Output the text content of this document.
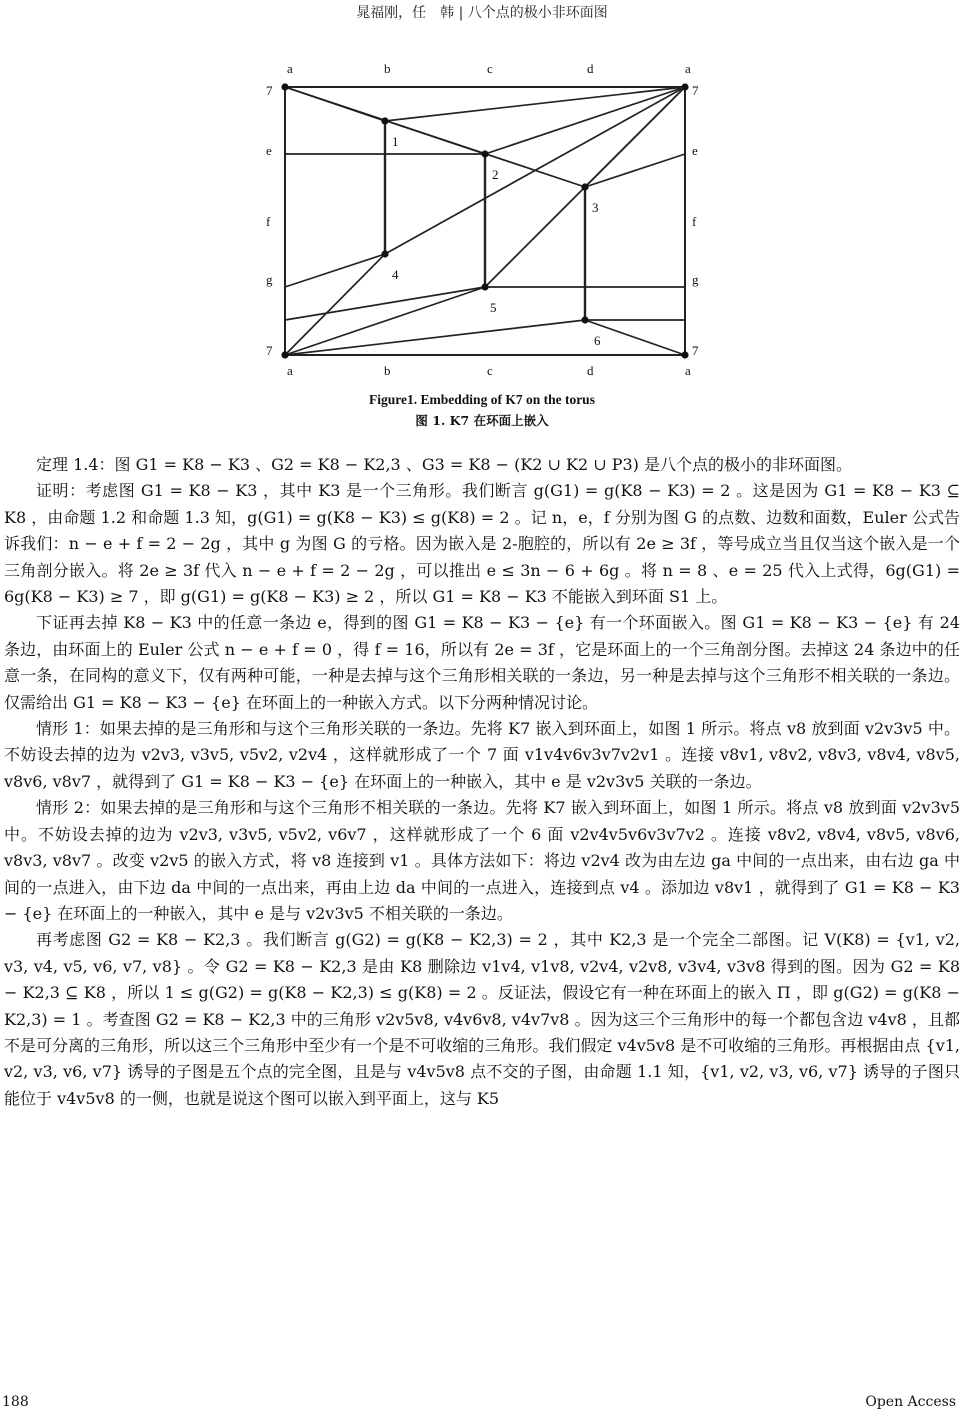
晁福刚，任　韩 | 八个点的极小非环面图
a	b	c	d	a
a	b	c	d	a
7
e
f
g
7
7
e
f
g
7
1
2
3
4
5
6
Figure1. Embedding of K7 on the torus
图 1. K7 在环面上嵌入

定理 1.4：图 G1 = K8 − K3 、G2 = K8 − K2,3 、G3 = K8 − (K2 ∪ K2 ∪ P3) 是八个点的极小的非环面图。

证明：考虑图 G1 = K8 − K3 ，其中 K3 是一个三角形。我们断言 g(G1) = g(K8 − K3) = 2 。这是因为 G1 = K8 − K3 ⊆ K8 ，由命题 1.2 和命题 1.3 知，g(G1) = g(K8 − K3) ≤ g(K8) = 2 。记 n，e，f 分别为图 G 的点数、边数和面数，Euler 公式告诉我们：n − e + f = 2 − 2g ，其中 g 为图 G 的亏格。因为嵌入是 2-胞腔的，所以有 2e ≥ 3f ，等号成立当且仅当这个嵌入是一个三角剖分嵌入。将 2e ≥ 3f 代入 n − e + f = 2 − 2g ，可以推出 e ≤ 3n − 6 + 6g 。将 n = 8 、e = 25 代入上式得，6g(G1) = 6g(K8 − K3) ≥ 7 ，即 g(G1) = g(K8 − K3) ≥ 2 ，所以 G1 = K8 − K3 不能嵌入到环面 S1 上。

下证再去掉 K8 − K3 中的任意一条边 e，得到的图 G1 = K8 − K3 − {e} 有一个环面嵌入。图 G1 = K8 − K3 − {e} 有 24 条边，由环面上的 Euler 公式 n − e + f = 0 ，得 f = 16，所以有 2e = 3f ，它是环面上的一个三角剖分图。去掉这 24 条边中的任意一条，在同构的意义下，仅有两种可能，一种是去掉与这个三角形相关联的一条边，另一种是去掉与这个三角形不相关联的一条边。仅需给出 G1 = K8 − K3 − {e} 在环面上的一种嵌入方式。以下分两种情况讨论。

情形 1：如果去掉的是三角形和与这个三角形关联的一条边。先将 K7 嵌入到环面上，如图 1 所示。将点 v8 放到面 v2v3v5 中。不妨设去掉的边为 v2v3, v3v5, v5v2, v2v4 ，这样就形成了一个 7 面 v1v4v6v3v7v2v1 。连接 v8v1, v8v2, v8v3, v8v4, v8v5, v8v6, v8v7 ，就得到了 G1 = K8 − K3 − {e} 在环面上的一种嵌入，其中 e 是 v2v3v5 关联的一条边。

情形 2：如果去掉的是三角形和与这个三角形不相关联的一条边。先将 K7 嵌入到环面上，如图 1 所示。将点 v8 放到面 v2v3v5 中。不妨设去掉的边为 v2v3, v3v5, v5v2, v6v7 ，这样就形成了一个 6 面 v2v4v5v6v3v7v2 。连接 v8v2, v8v4, v8v5, v8v6, v8v3, v8v7 。改变 v2v5 的嵌入方式，将 v8 连接到 v1 。具体方法如下：将边 v2v4 改为由左边 ga 中间的一点出来，由右边 ga 中间的一点进入，由下边 da 中间的一点出来，再由上边 da 中间的一点进入，连接到点 v4 。添加边 v8v1 ，就得到了 G1 = K8 − K3 − {e} 在环面上的一种嵌入，其中 e 是与 v2v3v5 不相关联的一条边。

再考虑图 G2 = K8 − K2,3 。我们断言 g(G2) = g(K8 − K2,3) = 2 ，其中 K2,3 是一个完全二部图。记 V(K8) = {v1, v2, v3, v4, v5, v6, v7, v8} 。令 G2 = K8 − K2,3 是由 K8 删除边 v1v4, v1v8, v2v4, v2v8, v3v4, v3v8 得到的图。因为 G2 = K8 − K2,3 ⊆ K8 ，所以 1 ≤ g(G2) = g(K8 − K2,3) ≤ g(K8) = 2 。反证法，假设它有一种在环面上的嵌入 Π ，即 g(G2) = g(K8 − K2,3) = 1 。考查图 G2 = K8 − K2,3 中的三角形 v2v5v8, v4v6v8, v4v7v8 。因为这三个三角形中的每一个都包含边 v4v8 ，且都不是可分离的三角形，所以这三个三角形中至少有一个是不可收缩的三角形。我们假定 v4v5v8 是不可收缩的三角形。再根据由点 {v1, v2, v3, v6, v7} 诱导的子图是五个点的完全图，且是与 v4v5v8 点不交的子图，由命题 1.1 知，{v1, v2, v3, v6, v7} 诱导的子图只能位于 v4v5v8 的一侧，也就是说这个图可以嵌入到平面上，这与 K5

188	Open Access
